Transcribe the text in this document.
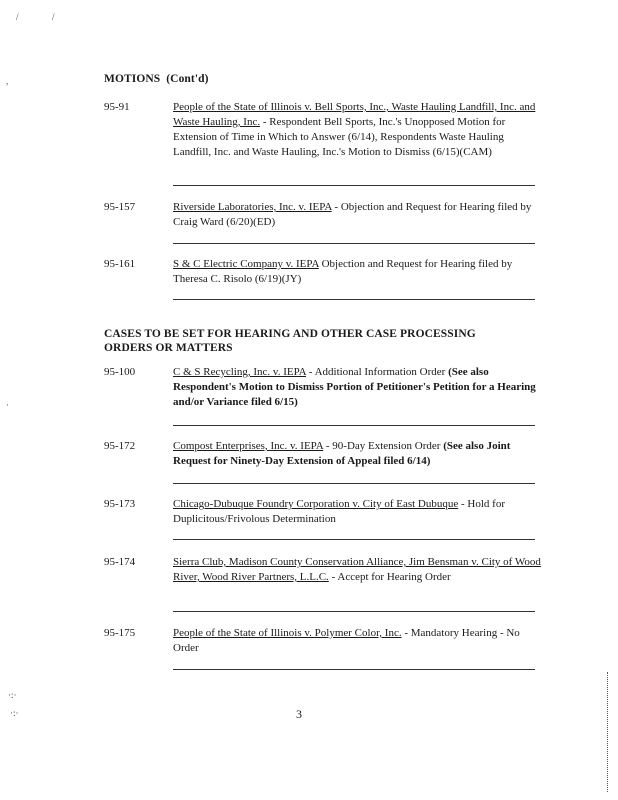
/	/
,
·
MOTIONS (Cont'd)
95-91	People of the State of Illinois v. Bell Sports, Inc., Waste Hauling Landfill, Inc. and Waste Hauling, Inc. - Respondent Bell Sports, Inc.'s Unopposed Motion for Extension of Time in Which to Answer (6/14), Respondents Waste Hauling Landfill, Inc. and Waste Hauling, Inc.'s Motion to Dismiss (6/15)(CAM)
95-157	Riverside Laboratories, Inc. v. IEPA - Objection and Request for Hearing filed by Craig Ward (6/20)(ED)
95-161	S & C Electric Company v. IEPA Objection and Request for Hearing filed by Theresa C. Risolo (6/19)(JY)
CASES TO BE SET FOR HEARING AND OTHER CASE PROCESSING
ORDERS OR MATTERS
95-100	C & S Recycling, Inc. v. IEPA - Additional Information Order (See also Respondent's Motion to Dismiss Portion of Petitioner's Petition for a Hearing and/or Variance filed 6/15)
95-172	Compost Enterprises, Inc. v. IEPA - 90-Day Extension Order (See also Joint Request for Ninety-Day Extension of Appeal filed 6/14)
95-173	Chicago-Dubuque Foundry Corporation v. City of East Dubuque - Hold for Duplicitous/Frivolous Determination
95-174	Sierra Club, Madison County Conservation Alliance, Jim Bensman v. City of Wood River, Wood River Partners, L.L.C. - Accept for Hearing Order
95-175	People of the State of Illinois v. Polymer Color, Inc. - Mandatory Hearing - No Order
·:·
·:·	3
